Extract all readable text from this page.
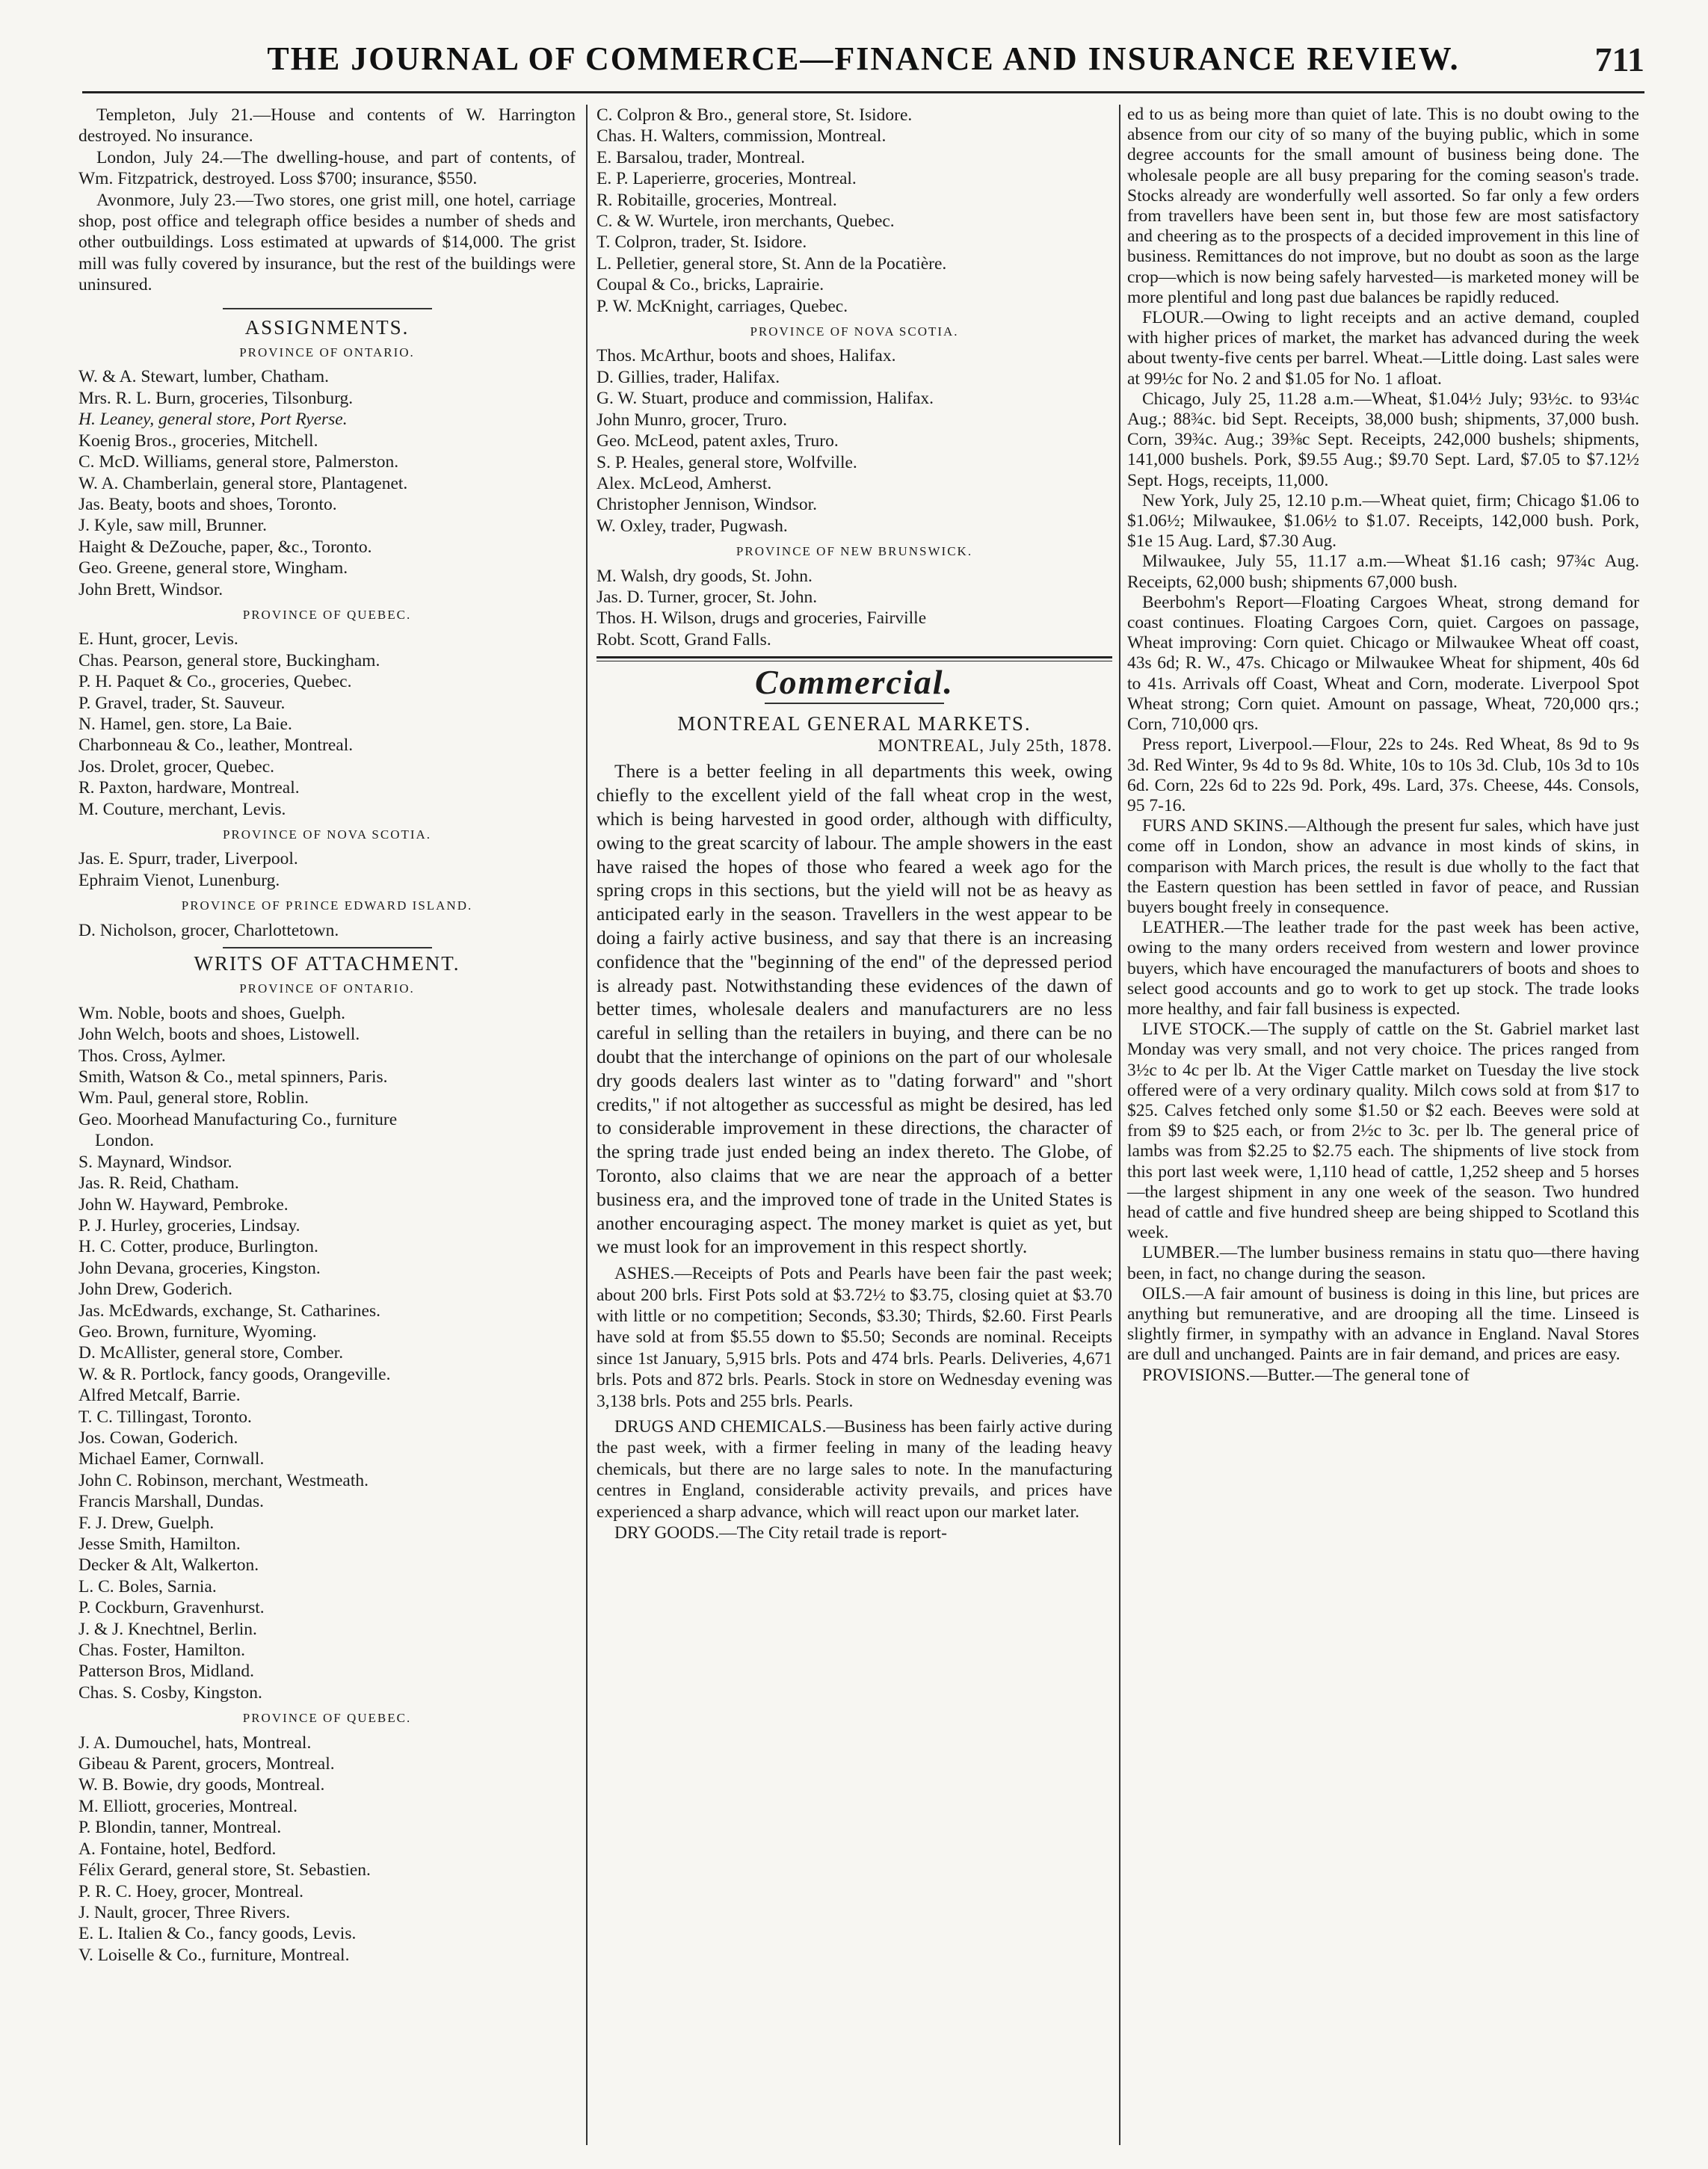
THE JOURNAL OF COMMERCE—FINANCE AND INSURANCE REVIEW.	711

Templeton, July 21.—House and contents of W. Harrington destroyed. No insurance.

London, July 24.—The dwelling-house, and part of contents, of Wm. Fitzpatrick, destroyed. Loss $700; insurance, $550.

Avonmore, July 23.—Two stores, one grist mill, one hotel, carriage shop, post office and telegraph office besides a number of sheds and other outbuildings. Loss estimated at upwards of $14,000. The grist mill was fully covered by insurance, but the rest of the buildings were uninsured.

ASSIGNMENTS.
PROVINCE OF ONTARIO.
W. & A. Stewart, lumber, Chatham.
Mrs. R. L. Burn, groceries, Tilsonburg.
H. Leaney, general store, Port Ryerse.
Koenig Bros., groceries, Mitchell.
C. McD. Williams, general store, Palmerston.
W. A. Chamberlain, general store, Plantagenet.
Jas. Beaty, boots and shoes, Toronto.
J. Kyle, saw mill, Brunner.
Haight & DeZouche, paper, &c., Toronto.
Geo. Greene, general store, Wingham.
John Brett, Windsor.
PROVINCE OF QUEBEC.
E. Hunt, grocer, Levis.
Chas. Pearson, general store, Buckingham.
P. H. Paquet & Co., groceries, Quebec.
P. Gravel, trader, St. Sauveur.
N. Hamel, gen. store, La Baie.
Charbonneau & Co., leather, Montreal.
Jos. Drolet, grocer, Quebec.
R. Paxton, hardware, Montreal.
M. Couture, merchant, Levis.
PROVINCE OF NOVA SCOTIA.
Jas. E. Spurr, trader, Liverpool.
Ephraim Vienot, Lunenburg.
PROVINCE OF PRINCE EDWARD ISLAND.
D. Nicholson, grocer, Charlottetown.
WRITS OF ATTACHMENT.
PROVINCE OF ONTARIO.
Wm. Noble, boots and shoes, Guelph.
John Welch, boots and shoes, Listowell.
Thos. Cross, Aylmer.
Smith, Watson & Co., metal spinners, Paris.
Wm. Paul, general store, Roblin.
Geo. Moorhead Manufacturing Co., furniture
London.
S. Maynard, Windsor.
Jas. R. Reid, Chatham.
John W. Hayward, Pembroke.
P. J. Hurley, groceries, Lindsay.
H. C. Cotter, produce, Burlington.
John Devana, groceries, Kingston.
John Drew, Goderich.
Jas. McEdwards, exchange, St. Catharines.
Geo. Brown, furniture, Wyoming.
D. McAllister, general store, Comber.
W. & R. Portlock, fancy goods, Orangeville.
Alfred Metcalf, Barrie.
T. C. Tillingast, Toronto.
Jos. Cowan, Goderich.
Michael Eamer, Cornwall.
John C. Robinson, merchant, Westmeath.
Francis Marshall, Dundas.
F. J. Drew, Guelph.
Jesse Smith, Hamilton.
Decker & Alt, Walkerton.
L. C. Boles, Sarnia.
P. Cockburn, Gravenhurst.
J. & J. Knechtnel, Berlin.
Chas. Foster, Hamilton.
Patterson Bros, Midland.
Chas. S. Cosby, Kingston.
PROVINCE OF QUEBEC.
J. A. Dumouchel, hats, Montreal.
Gibeau & Parent, grocers, Montreal.
W. B. Bowie, dry goods, Montreal.
M. Elliott, groceries, Montreal.
P. Blondin, tanner, Montreal.
A. Fontaine, hotel, Bedford.
Félix Gerard, general store, St. Sebastien.
P. R. C. Hoey, grocer, Montreal.
J. Nault, grocer, Three Rivers.
E. L. Italien & Co., fancy goods, Levis.
V. Loiselle & Co., furniture, Montreal.
C. Colpron & Bro., general store, St. Isidore.
Chas. H. Walters, commission, Montreal.
E. Barsalou, trader, Montreal.
E. P. Laperierre, groceries, Montreal.
R. Robitaille, groceries, Montreal.
C. & W. Wurtele, iron merchants, Quebec.
T. Colpron, trader, St. Isidore.
L. Pelletier, general store, St. Ann de la Pocatière.
Coupal & Co., bricks, Laprairie.
P. W. McKnight, carriages, Quebec.
PROVINCE OF NOVA SCOTIA.
Thos. McArthur, boots and shoes, Halifax.
D. Gillies, trader, Halifax.
G. W. Stuart, produce and commission, Halifax.
John Munro, grocer, Truro.
Geo. McLeod, patent axles, Truro.
S. P. Heales, general store, Wolfville.
Alex. McLeod, Amherst.
Christopher Jennison, Windsor.
W. Oxley, trader, Pugwash.
PROVINCE OF NEW BRUNSWICK.
M. Walsh, dry goods, St. John.
Jas. D. Turner, grocer, St. John.
Thos. H. Wilson, drugs and groceries, Fairville
Robt. Scott, Grand Falls.
Commercial.
MONTREAL GENERAL MARKETS.
MONTREAL, July 25th, 1878.

There is a better feeling in all departments this week, owing chiefly to the excellent yield of the fall wheat crop in the west, which is being harvested in good order, although with difficulty, owing to the great scarcity of labour. The ample showers in the east have raised the hopes of those who feared a week ago for the spring crops in this sections, but the yield will not be as heavy as anticipated early in the season. Travellers in the west appear to be doing a fairly active business, and say that there is an increasing confidence that the "beginning of the end" of the depressed period is already past. Notwithstanding these evidences of the dawn of better times, wholesale dealers and manufacturers are no less careful in selling than the retailers in buying, and there can be no doubt that the interchange of opinions on the part of our wholesale dry goods dealers last winter as to "dating forward" and "short credits," if not altogether as successful as might be desired, has led to considerable improvement in these directions, the character of the spring trade just ended being an index thereto. The Globe, of Toronto, also claims that we are near the approach of a better business era, and the improved tone of trade in the United States is another encouraging aspect. The money market is quiet as yet, but we must look for an improvement in this respect shortly.

ASHES.—Receipts of Pots and Pearls have been fair the past week; about 200 brls. First Pots sold at $3.72½ to $3.75, closing quiet at $3.70 with little or no competition; Seconds, $3.30; Thirds, $2.60. First Pearls have sold at from $5.55 down to $5.50; Seconds are nominal. Receipts since 1st January, 5,915 brls. Pots and 474 brls. Pearls. Deliveries, 4,671 brls. Pots and 872 brls. Pearls. Stock in store on Wednesday evening was 3,138 brls. Pots and 255 brls. Pearls.

DRUGS AND CHEMICALS.—Business has been fairly active during the past week, with a firmer feeling in many of the leading heavy chemicals, but there are no large sales to note. In the manufacturing centres in England, considerable activity prevails, and prices have experienced a sharp advance, which will react upon our market later.

DRY GOODS.—The City retail trade is report-

ed to us as being more than quiet of late. This is no doubt owing to the absence from our city of so many of the buying public, which in some degree accounts for the small amount of business being done. The wholesale people are all busy preparing for the coming season's trade. Stocks already are wonderfully well assorted. So far only a few orders from travellers have been sent in, but those few are most satisfactory and cheering as to the prospects of a decided improvement in this line of business. Remittances do not improve, but no doubt as soon as the large crop—which is now being safely harvested—is marketed money will be more plentiful and long past due balances be rapidly reduced.

FLOUR.—Owing to light receipts and an active demand, coupled with higher prices of market, the market has advanced during the week about twenty-five cents per barrel. Wheat.—Little doing. Last sales were at 99½c for No. 2 and $1.05 for No. 1 afloat.

Chicago, July 25, 11.28 a.m.—Wheat, $1.04½ July; 93½c. to 93¼c Aug.; 88¾c. bid Sept. Receipts, 38,000 bush; shipments, 37,000 bush. Corn, 39¾c. Aug.; 39⅜c Sept. Receipts, 242,000 bushels; shipments, 141,000 bushels. Pork, $9.55 Aug.; $9.70 Sept. Lard, $7.05 to $7.12½ Sept. Hogs, receipts, 11,000.

New York, July 25, 12.10 p.m.—Wheat quiet, firm; Chicago $1.06 to $1.06½; Milwaukee, $1.06½ to $1.07. Receipts, 142,000 bush. Pork, $1e 15 Aug. Lard, $7.30 Aug.

Milwaukee, July 55, 11.17 a.m.—Wheat $1.16 cash; 97¾c Aug. Receipts, 62,000 bush; shipments 67,000 bush.

Beerbohm's Report—Floating Cargoes Wheat, strong demand for coast continues. Floating Cargoes Corn, quiet. Cargoes on passage, Wheat improving: Corn quiet. Chicago or Milwaukee Wheat off coast, 43s 6d; R. W., 47s. Chicago or Milwaukee Wheat for shipment, 40s 6d to 41s. Arrivals off Coast, Wheat and Corn, moderate. Liverpool Spot Wheat strong; Corn quiet. Amount on passage, Wheat, 720,000 qrs.; Corn, 710,000 qrs.

Press report, Liverpool.—Flour, 22s to 24s. Red Wheat, 8s 9d to 9s 3d. Red Winter, 9s 4d to 9s 8d. White, 10s to 10s 3d. Club, 10s 3d to 10s 6d. Corn, 22s 6d to 22s 9d. Pork, 49s. Lard, 37s. Cheese, 44s. Consols, 95 7-16.

FURS AND SKINS.—Although the present fur sales, which have just come off in London, show an advance in most kinds of skins, in comparison with March prices, the result is due wholly to the fact that the Eastern question has been settled in favor of peace, and Russian buyers bought freely in consequence.

LEATHER.—The leather trade for the past week has been active, owing to the many orders received from western and lower province buyers, which have encouraged the manufacturers of boots and shoes to select good accounts and go to work to get up stock. The trade looks more healthy, and fair fall business is expected.

LIVE STOCK.—The supply of cattle on the St. Gabriel market last Monday was very small, and not very choice. The prices ranged from 3½c to 4c per lb. At the Viger Cattle market on Tuesday the live stock offered were of a very ordinary quality. Milch cows sold at from $17 to $25. Calves fetched only some $1.50 or $2 each. Beeves were sold at from $9 to $25 each, or from 2½c to 3c. per lb. The general price of lambs was from $2.25 to $2.75 each. The shipments of live stock from this port last week were, 1,110 head of cattle, 1,252 sheep and 5 horses—the largest shipment in any one week of the season. Two hundred head of cattle and five hundred sheep are being shipped to Scotland this week.

LUMBER.—The lumber business remains in statu quo—there having been, in fact, no change during the season.

OILS.—A fair amount of business is doing in this line, but prices are anything but remunerative, and are drooping all the time. Linseed is slightly firmer, in sympathy with an advance in England. Naval Stores are dull and unchanged. Paints are in fair demand, and prices are easy.

PROVISIONS.—Butter.—The general tone of
